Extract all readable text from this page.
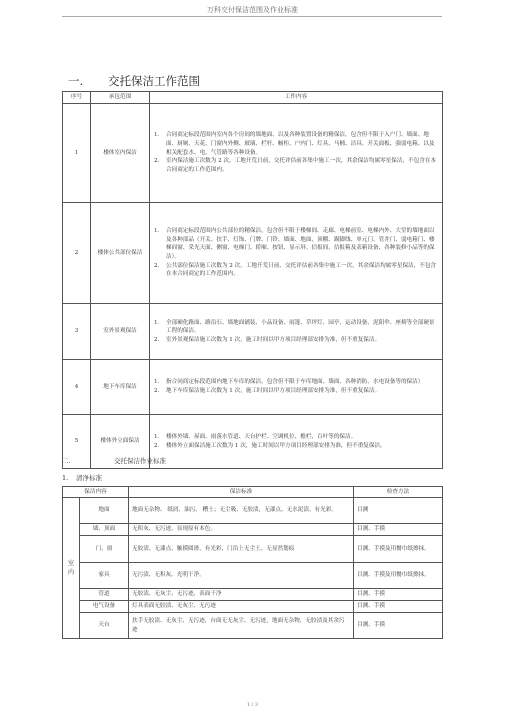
万科交付保洁范围及作业标准
一. 交托保洁工作范围
序号	承包范围	工作内容
1	楼体室内保洁	1. 合同商定标段范围内室内各个房间的墙地面、以及各种装置设备的精保洁，包含但不限于入户门、墙面、地面、厨厕、天花、门窗内外侧、玻璃、栏杆、橱柜、户内门、灯具、马桶、洁具、开关面板、强弱电箱、以及相关配套水、电、气管路等各种设备。
2. 室内保洁施工次数为 2 次，工地开荒日前，交托评估前各集中施工一次，其余保洁均属零星保洁，不包含在本合同商定的工作范围内。

2	楼体公共部位保洁	1. 合同商定标段范围内公共部位的精保洁，包含但不限于楼梯间、走廊、电梯前室、电梯内外、大堂的墙地面以及各种部品（开关、扶手、灯饰、门牌、门铃、墙面、地面、顶棚、踢脚线、单元门、管井门、弱电箱门、楼梯间窗、采光天面、侧窗、电梯门、轿厢、按钮、显示屏、信报间、信报箱及表箱设备、各种装修小品等的保洁）。
2. 公共部位保洁施工次数为 2 次，工地开荒日前、交托评估前各集中施工一次，其余保洁均属零星保洁，不包含在本合同商定的工作范围内。

3	室外景观保洁	1. 全部硬化路面、路沿石、墙地面铺装、小品设备、雨篷、草坪灯、园亭、运动设备、泥阳伞、座椅等全部硬景工程的保洁。
2. 室外景观保洁施工次数为 1 次，施工时间以甲方项目经理部安排为准，但不重复保洁。

4	地下车库保洁	1. 指合同商定标段范围内地下车库的保洁，包含但不限于车库地面、墙面、各种消防、水电设备等的保洁）
2. 地下车库保洁施工次数为 1 次，施工时间以甲方项目经理部安排为准，但不重复保洁。

5	楼体外立面保洁	1. 楼体外墙、屋面、雨落水管道、天台护栏、空调机位、檐栏、百叶等的保洁。
2. 楼体外立面保洁施工次数为 1 次，施工时间以甲方项目经理部安排为准，但不重复保洁。
二.	交托保洁作业标准
1. 清净标准
保洁内容		保洁标准	检查方法
室内	地面	地面无杂物、 纸屑、油污、 糟土；无尘吸、无胶渍，无漆点、无水泥渍、有光彩。	目测
	墙、顶面	无积灰、无污迹、显现原有本色。	目测、手摸
	门、窗	无胶渍、无漆点、触摸圆滑、有光彩，门沿上无尘土、无显然划痕	目测、手摸及用餐巾纸擦抹。
	家具	无污渍、无积灰、光明干净。	目测、手摸及用餐巾纸擦抹。
	管道	无胶渍、无灰尘、无污迹，表面干净	目测、手摸
	电气设备	灯具表面无胶渍、无灰尘、无污迹	目测、手摸
	天台	扶手无胶渍、无灰尘、无污迹，台面无无灰尘、无污迹，地面无杂物，无胶渍及其余污迹	目测、手摸
1 / 3
